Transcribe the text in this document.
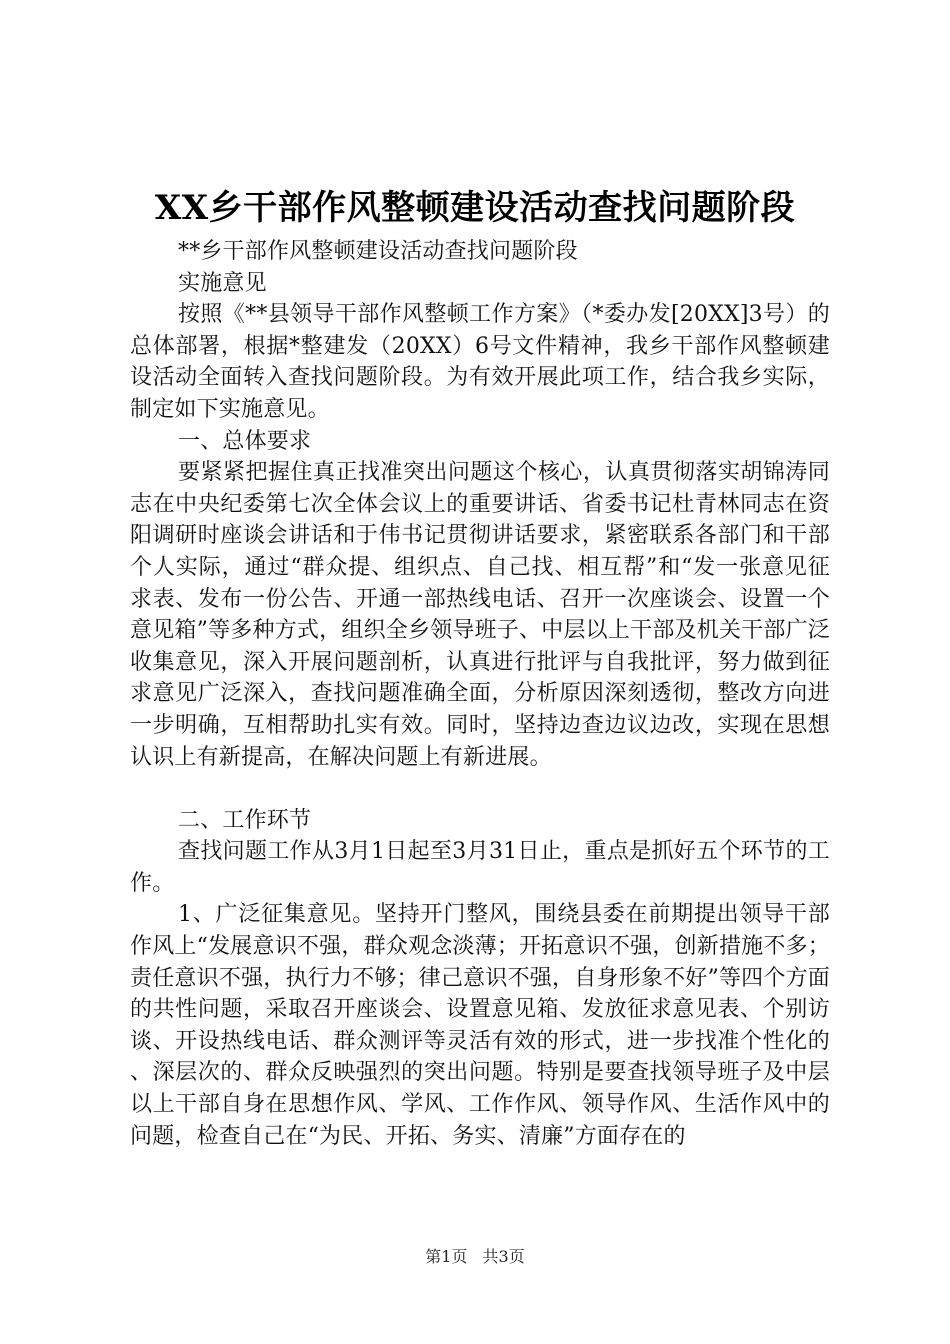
XX乡干部作风整顿建设活动查找问题阶段

**乡干部作风整顿建设活动查找问题阶段

实施意见

按照《**县领导干部作风整顿工作方案》（*委办发[20XX]3号）的总体部署，根据*整建发（20XX）6号文件精神，我乡干部作风整顿建设活动全面转入查找问题阶段。为有效开展此项工作，结合我乡实际，制定如下实施意见。

一、总体要求

要紧紧把握住真正找准突出问题这个核心，认真贯彻落实胡锦涛同志在中央纪委第七次全体会议上的重要讲话、省委书记杜青林同志在资阳调研时座谈会讲话和于伟书记贯彻讲话要求，紧密联系各部门和干部个人实际，通过“群众提、组织点、自己找、相互帮”和“发一张意见征求表、发布一份公告、开通一部热线电话、召开一次座谈会、设置一个意见箱”等多种方式，组织全乡领导班子、中层以上干部及机关干部广泛收集意见，深入开展问题剖析，认真进行批评与自我批评，努力做到征求意见广泛深入，查找问题准确全面，分析原因深刻透彻，整改方向进一步明确，互相帮助扎实有效。同时，坚持边查边议边改，实现在思想认识上有新提高，在解决问题上有新进展。

二、工作环节

查找问题工作从3月1日起至3月31日止，重点是抓好五个环节的工作。

1、广泛征集意见。坚持开门整风，围绕县委在前期提出领导干部作风上“发展意识不强，群众观念淡薄；开拓意识不强，创新措施不多；责任意识不强，执行力不够；律己意识不强，自身形象不好”等四个方面的共性问题，采取召开座谈会、设置意见箱、发放征求意见表、个别访谈、开设热线电话、群众测评等灵活有效的形式，进一步找准个性化的、深层次的、群众反映强烈的突出问题。特别是要查找领导班子及中层以上干部自身在思想作风、学风、工作作风、领导作风、生活作风中的问题，检查自己在“为民、开拓、务实、清廉”方面存在的

第1页 共3页
